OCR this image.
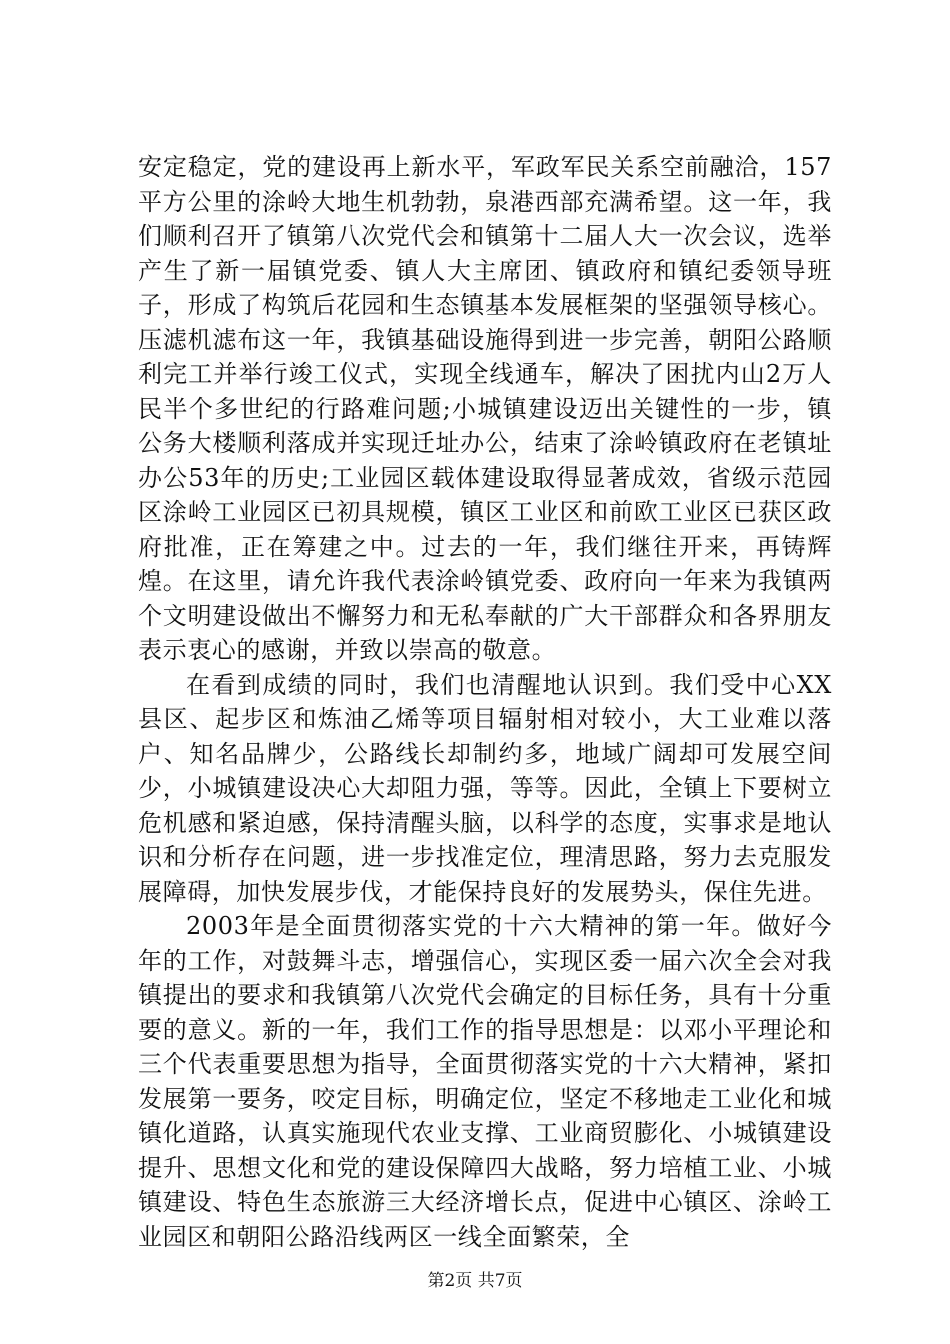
安定稳定，党的建设再上新水平，军政军民关系空前融洽，157平方公里的涂岭大地生机勃勃，泉港西部充满希望。这一年，我们顺利召开了镇第八次党代会和镇第十二届人大一次会议，选举产生了新一届镇党委、镇人大主席团、镇政府和镇纪委领导班子，形成了构筑后花园和生态镇基本发展框架的坚强领导核心。压滤机滤布这一年，我镇基础设施得到进一步完善，朝阳公路顺利完工并举行竣工仪式，实现全线通车，解决了困扰内山2万人民半个多世纪的行路难问题;小城镇建设迈出关键性的一步，镇公务大楼顺利落成并实现迁址办公，结束了涂岭镇政府在老镇址办公53年的历史;工业园区载体建设取得显著成效，省级示范园区涂岭工业园区已初具规模，镇区工业区和前欧工业区已获区政府批准，正在筹建之中。过去的一年，我们继往开来，再铸辉煌。在这里，请允许我代表涂岭镇党委、政府向一年来为我镇两个文明建设做出不懈努力和无私奉献的广大干部群众和各界朋友表示衷心的感谢，并致以崇高的敬意。

在看到成绩的同时，我们也清醒地认识到。我们受中心XX县区、起步区和炼油乙烯等项目辐射相对较小，大工业难以落户、知名品牌少，公路线长却制约多，地域广阔却可发展空间少，小城镇建设决心大却阻力强，等等。因此，全镇上下要树立危机感和紧迫感，保持清醒头脑，以科学的态度，实事求是地认识和分析存在问题，进一步找准定位，理清思路，努力去克服发展障碍，加快发展步伐，才能保持良好的发展势头，保住先进。

2003年是全面贯彻落实党的十六大精神的第一年。做好今年的工作，对鼓舞斗志，增强信心，实现区委一届六次全会对我镇提出的要求和我镇第八次党代会确定的目标任务，具有十分重要的意义。新的一年，我们工作的指导思想是：以邓小平理论和三个代表重要思想为指导，全面贯彻落实党的十六大精神，紧扣发展第一要务，咬定目标，明确定位，坚定不移地走工业化和城镇化道路，认真实施现代农业支撑、工业商贸膨化、小城镇建设提升、思想文化和党的建设保障四大战略，努力培植工业、小城镇建设、特色生态旅游三大经济增长点，促进中心镇区、涂岭工业园区和朝阳公路沿线两区一线全面繁荣，全

第2页 共7页
